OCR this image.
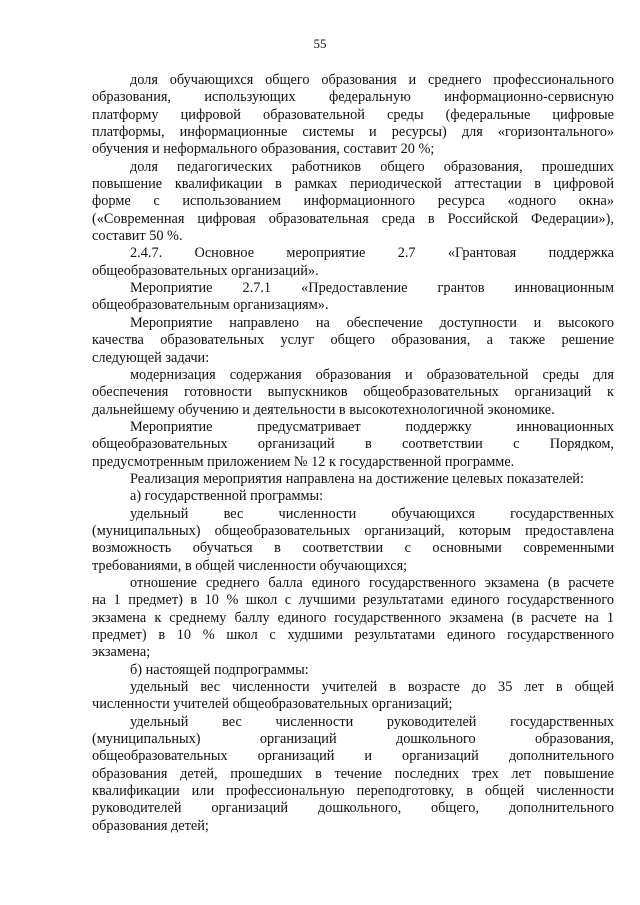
55

доля обучающихся общего образования и среднего профессионального
образования, использующих федеральную информационно-сервисную
платформу цифровой образовательной среды (федеральные цифровые
платформы, информационные системы и ресурсы) для «горизонтального»
обучения и неформального образования, составит 20 %;

доля педагогических работников общего образования, прошедших
повышение квалификации в рамках периодической аттестации в цифровой
форме с использованием информационного ресурса «одного окна»
(«Современная цифровая образовательная среда в Российской Федерации»),
составит 50 %.

2.4.7. Основное мероприятие 2.7 «Грантовая поддержка
общеобразовательных организаций».

Мероприятие 2.7.1 «Предоставление грантов инновационным
общеобразовательным организациям».

Мероприятие направлено на обеспечение доступности и высокого
качества образовательных услуг общего образования, а также решение
следующей задачи:

модернизация содержания образования и образовательной среды для
обеспечения готовности выпускников общеобразовательных организаций к
дальнейшему обучению и деятельности в высокотехнологичной экономике.

Мероприятие предусматривает поддержку инновационных
общеобразовательных организаций в соответствии с Порядком,
предусмотренным приложением № 12 к государственной программе.

Реализация мероприятия направлена на достижение целевых показателей:

а) государственной программы:

удельный вес численности обучающихся государственных
(муниципальных) общеобразовательных организаций, которым предоставлена
возможность обучаться в соответствии с основными современными
требованиями, в общей численности обучающихся;

отношение среднего балла единого государственного экзамена (в расчете
на 1 предмет) в 10 % школ с лучшими результатами единого государственного
экзамена к среднему баллу единого государственного экзамена (в расчете на 1
предмет) в 10 % школ с худшими результатами единого государственного
экзамена;

б) настоящей подпрограммы:

удельный вес численности учителей в возрасте до 35 лет в общей
численности учителей общеобразовательных организаций;

удельный вес численности руководителей государственных
(муниципальных) организаций дошкольного образования,
общеобразовательных организаций и организаций дополнительного
образования детей, прошедших в течение последних трех лет повышение
квалификации или профессиональную переподготовку, в общей численности
руководителей организаций дошкольного, общего, дополнительного
образования детей;
